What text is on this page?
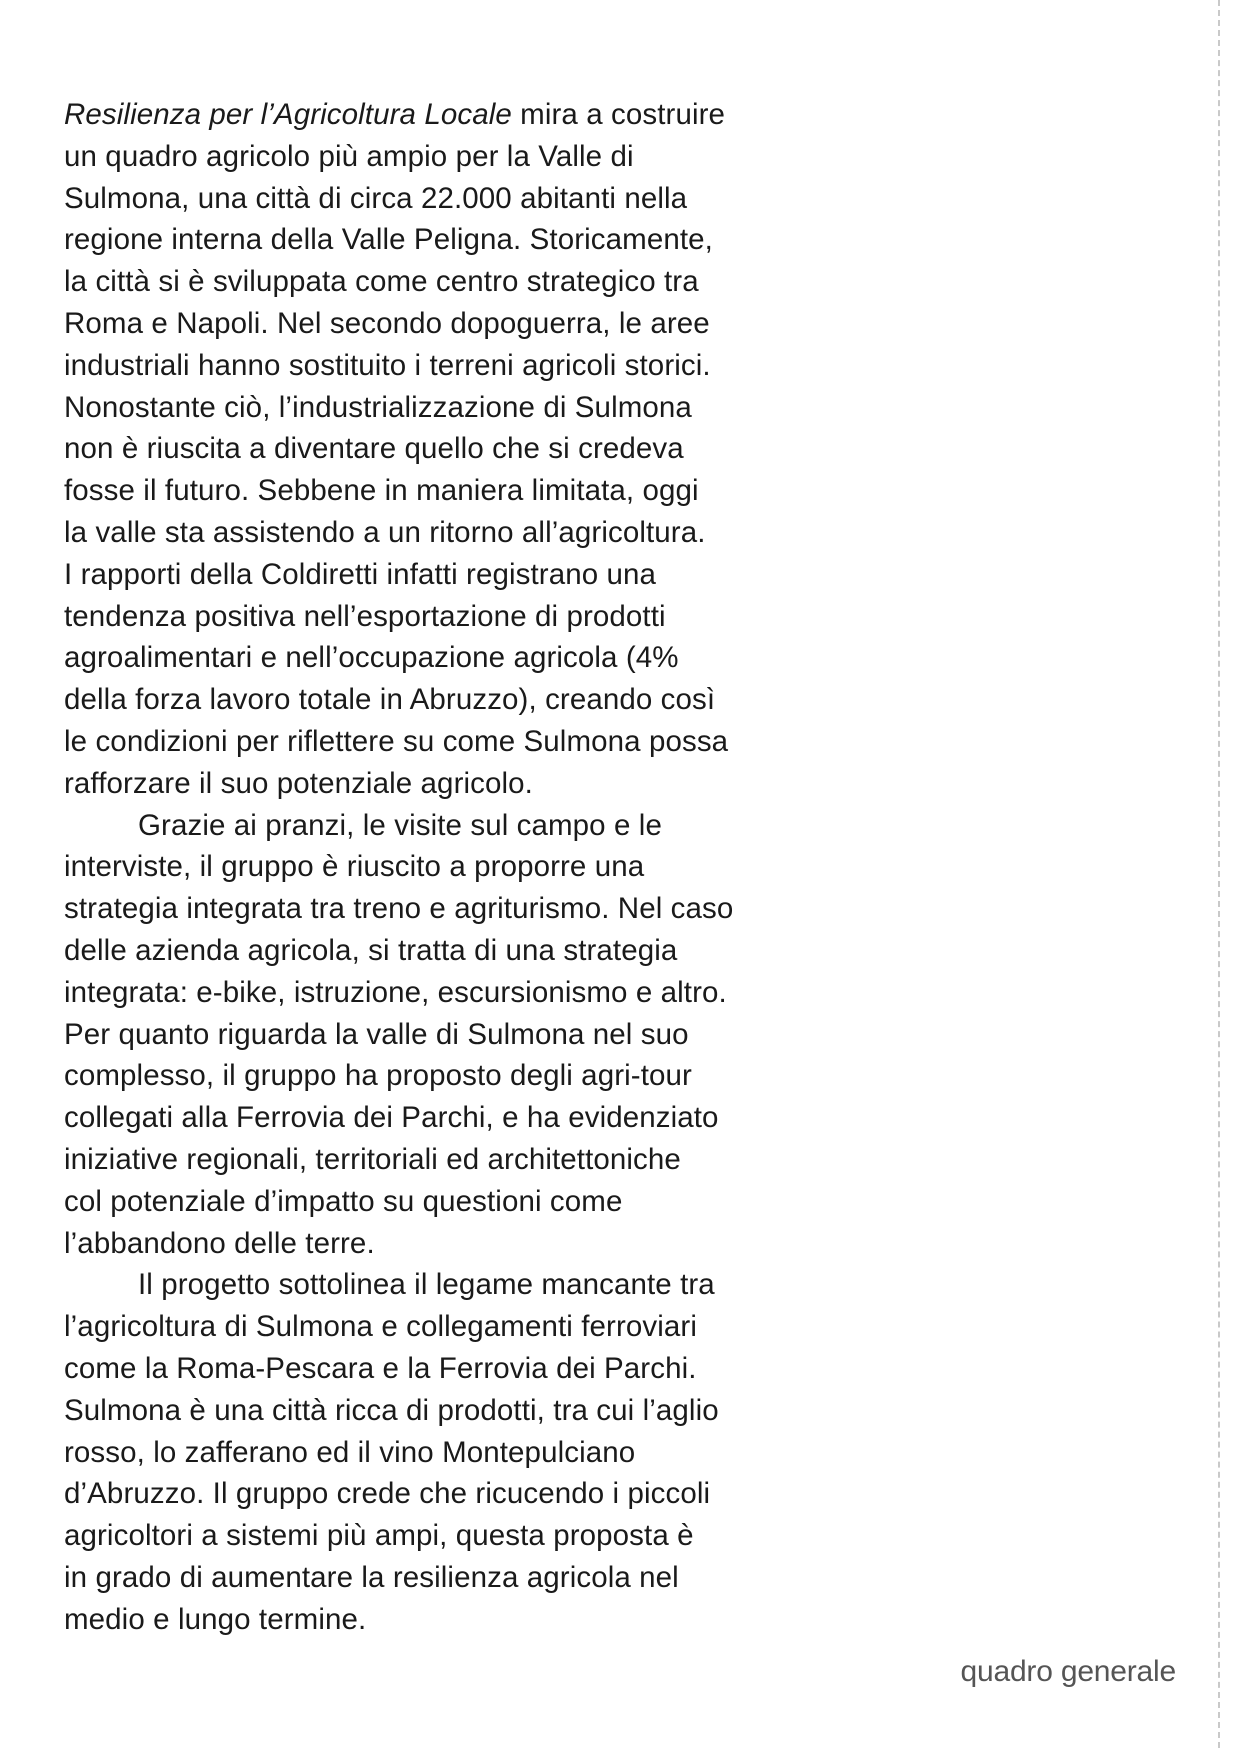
Resilienza per l’Agricoltura Locale mira a costruire
un quadro agricolo più ampio per la Valle di
Sulmona, una città di circa 22.000 abitanti nella
regione interna della Valle Peligna. Storicamente,
la città si è sviluppata come centro strategico tra
Roma e Napoli. Nel secondo dopoguerra, le aree
industriali hanno sostituito i terreni agricoli storici.
Nonostante ciò, l’industrializzazione di Sulmona
non è riuscita a diventare quello che si credeva
fosse il futuro. Sebbene in maniera limitata, oggi
la valle sta assistendo a un ritorno all’agricoltura.
I rapporti della Coldiretti infatti registrano una
tendenza positiva nell’esportazione di prodotti
agroalimentari e nell’occupazione agricola (4%
della forza lavoro totale in Abruzzo), creando così
le condizioni per riflettere su come Sulmona possa
rafforzare il suo potenziale agricolo.
Grazie ai pranzi, le visite sul campo e le
interviste, il gruppo è riuscito a proporre una
strategia integrata tra treno e agriturismo. Nel caso
delle azienda agricola, si tratta di una strategia
integrata: e-bike, istruzione, escursionismo e altro.
Per quanto riguarda la valle di Sulmona nel suo
complesso, il gruppo ha proposto degli agri-tour
collegati alla Ferrovia dei Parchi, e ha evidenziato
iniziative regionali, territoriali ed architettoniche
col potenziale d’impatto su questioni come
l’abbandono delle terre.
Il progetto sottolinea il legame mancante tra
l’agricoltura di Sulmona e collegamenti ferroviari
come la Roma-Pescara e la Ferrovia dei Parchi.
Sulmona è una città ricca di prodotti, tra cui l’aglio
rosso, lo zafferano ed il vino Montepulciano
d’Abruzzo. Il gruppo crede che ricucendo i piccoli
agricoltori a sistemi più ampi, questa proposta è
in grado di aumentare la resilienza agricola nel
medio e lungo termine.
quadro generale
